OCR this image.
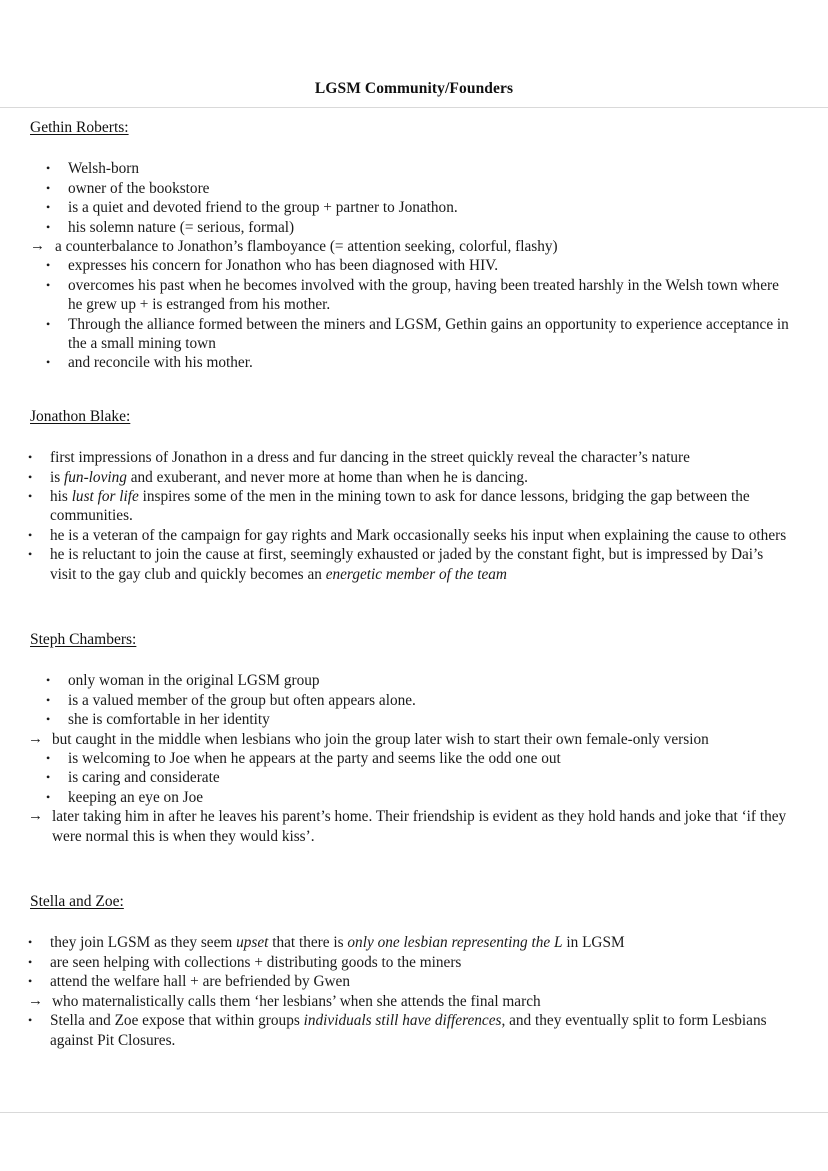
LGSM Community/Founders
Gethin Roberts:
• Welsh-born
• owner of the bookstore
• is a quiet and devoted friend to the group + partner to Jonathon.
• his solemn nature (= serious, formal)
→ a counterbalance to Jonathon’s flamboyance (= attention seeking, colorful, flashy)
• expresses his concern for Jonathon who has been diagnosed with HIV.
• overcomes his past when he becomes involved with the group, having been treated harshly in the Welsh town where he grew up + is estranged from his mother.
• Through the alliance formed between the miners and LGSM, Gethin gains an opportunity to experience acceptance in the a small mining town
• and reconcile with his mother.
Jonathon Blake:
• first impressions of Jonathon in a dress and fur dancing in the street quickly reveal the character’s nature
• is fun-loving and exuberant, and never more at home than when he is dancing.
• his lust for life inspires some of the men in the mining town to ask for dance lessons, bridging the gap between the communities.
• he is a veteran of the campaign for gay rights and Mark occasionally seeks his input when explaining the cause to others
• he is reluctant to join the cause at first, seemingly exhausted or jaded by the constant fight, but is impressed by Dai’s visit to the gay club and quickly becomes an energetic member of the team
Steph Chambers:
• only woman in the original LGSM group
• is a valued member of the group but often appears alone.
• she is comfortable in her identity
→ but caught in the middle when lesbians who join the group later wish to start their own female-only version
• is welcoming to Joe when he appears at the party and seems like the odd one out
• is caring and considerate
• keeping an eye on Joe
→ later taking him in after he leaves his parent’s home. Their friendship is evident as they hold hands and joke that ‘if they were normal this is when they would kiss’.
Stella and Zoe:
• they join LGSM as they seem upset that there is only one lesbian representing the L in LGSM
• are seen helping with collections + distributing goods to the miners
• attend the welfare hall + are befriended by Gwen
→ who maternalistically calls them ‘her lesbians’ when she attends the final march
• Stella and Zoe expose that within groups individuals still have differences, and they eventually split to form Lesbians against Pit Closures.
